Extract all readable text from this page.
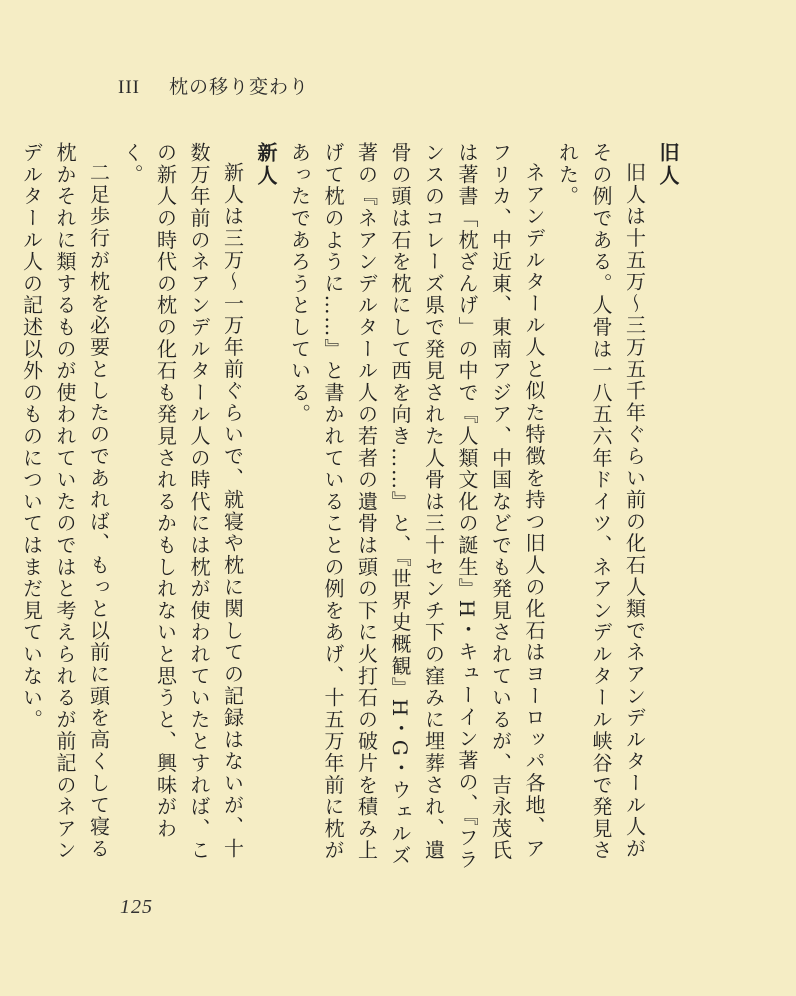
III 枕の移り変わり

旧人

旧人は十五万〜三万五千年ぐらい前の化石人類でネアンデルタール人がその例である。人骨は一八五六年ドイツ、ネアンデルタール峡谷で発見された。

ネアンデルタール人と似た特徴を持つ旧人の化石はヨーロッパ各地、アフリカ、中近東、東南アジア、中国などでも発見されているが、吉永茂氏は著書「枕ざんげ」の中で『人類文化の誕生』H・キューイン著の、『フランスのコレーズ県で発見された人骨は三十センチ下の窪みに埋葬され、遺骨の頭は石を枕にして西を向き……』と、『世界史概観』H・G・ウェルズ著の『ネアンデルタール人の若者の遺骨は頭の下に火打石の破片を積み上げて枕のように……』と書かれていることの例をあげ、十五万年前に枕があったであろうとしている。

新人

新人は三万〜一万年前ぐらいで、就寝や枕に関しての記録はないが、十数万年前のネアンデルタール人の時代には枕が使われていたとすれば、この新人の時代の枕の化石も発見されるかもしれないと思うと、興味がわく。

二足歩行が枕を必要としたのであれば、もっと以前に頭を高くして寝る枕かそれに類するものが使われていたのではと考えられるが前記のネアンデルタール人の記述以外のものについてはまだ見ていない。

125
